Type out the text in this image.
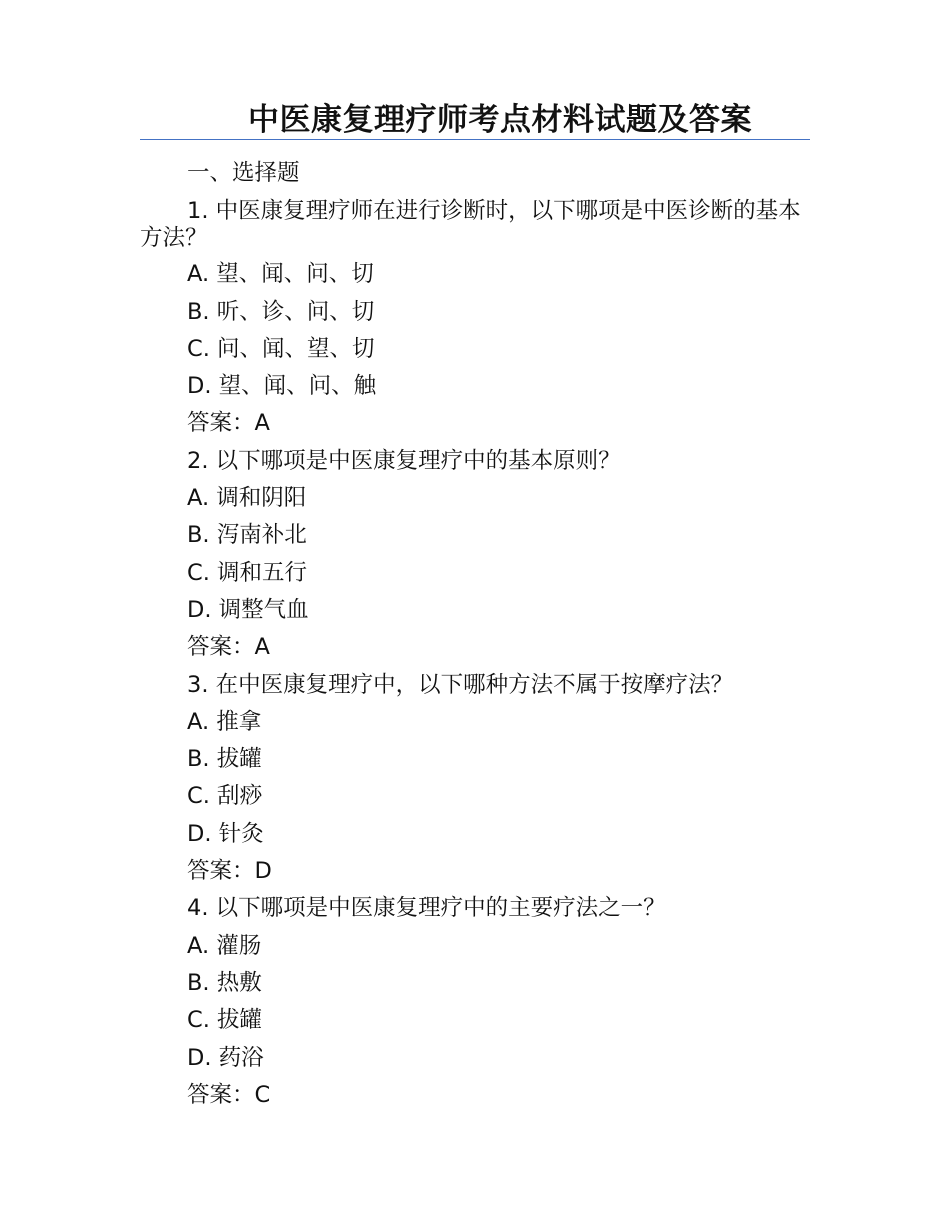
中医康复理疗师考点材料试题及答案
一、选择题
1. 中医康复理疗师在进行诊断时，以下哪项是中医诊断的基本方法？
A. 望、闻、问、切
B. 听、诊、问、切
C. 问、闻、望、切
D. 望、闻、问、触
答案：A
2. 以下哪项是中医康复理疗中的基本原则？
A. 调和阴阳
B. 泻南补北
C. 调和五行
D. 调整气血
答案：A
3. 在中医康复理疗中，以下哪种方法不属于按摩疗法？
A. 推拿
B. 拔罐
C. 刮痧
D. 针灸
答案：D
4. 以下哪项是中医康复理疗中的主要疗法之一？
A. 灌肠
B. 热敷
C. 拔罐
D. 药浴
答案：C
